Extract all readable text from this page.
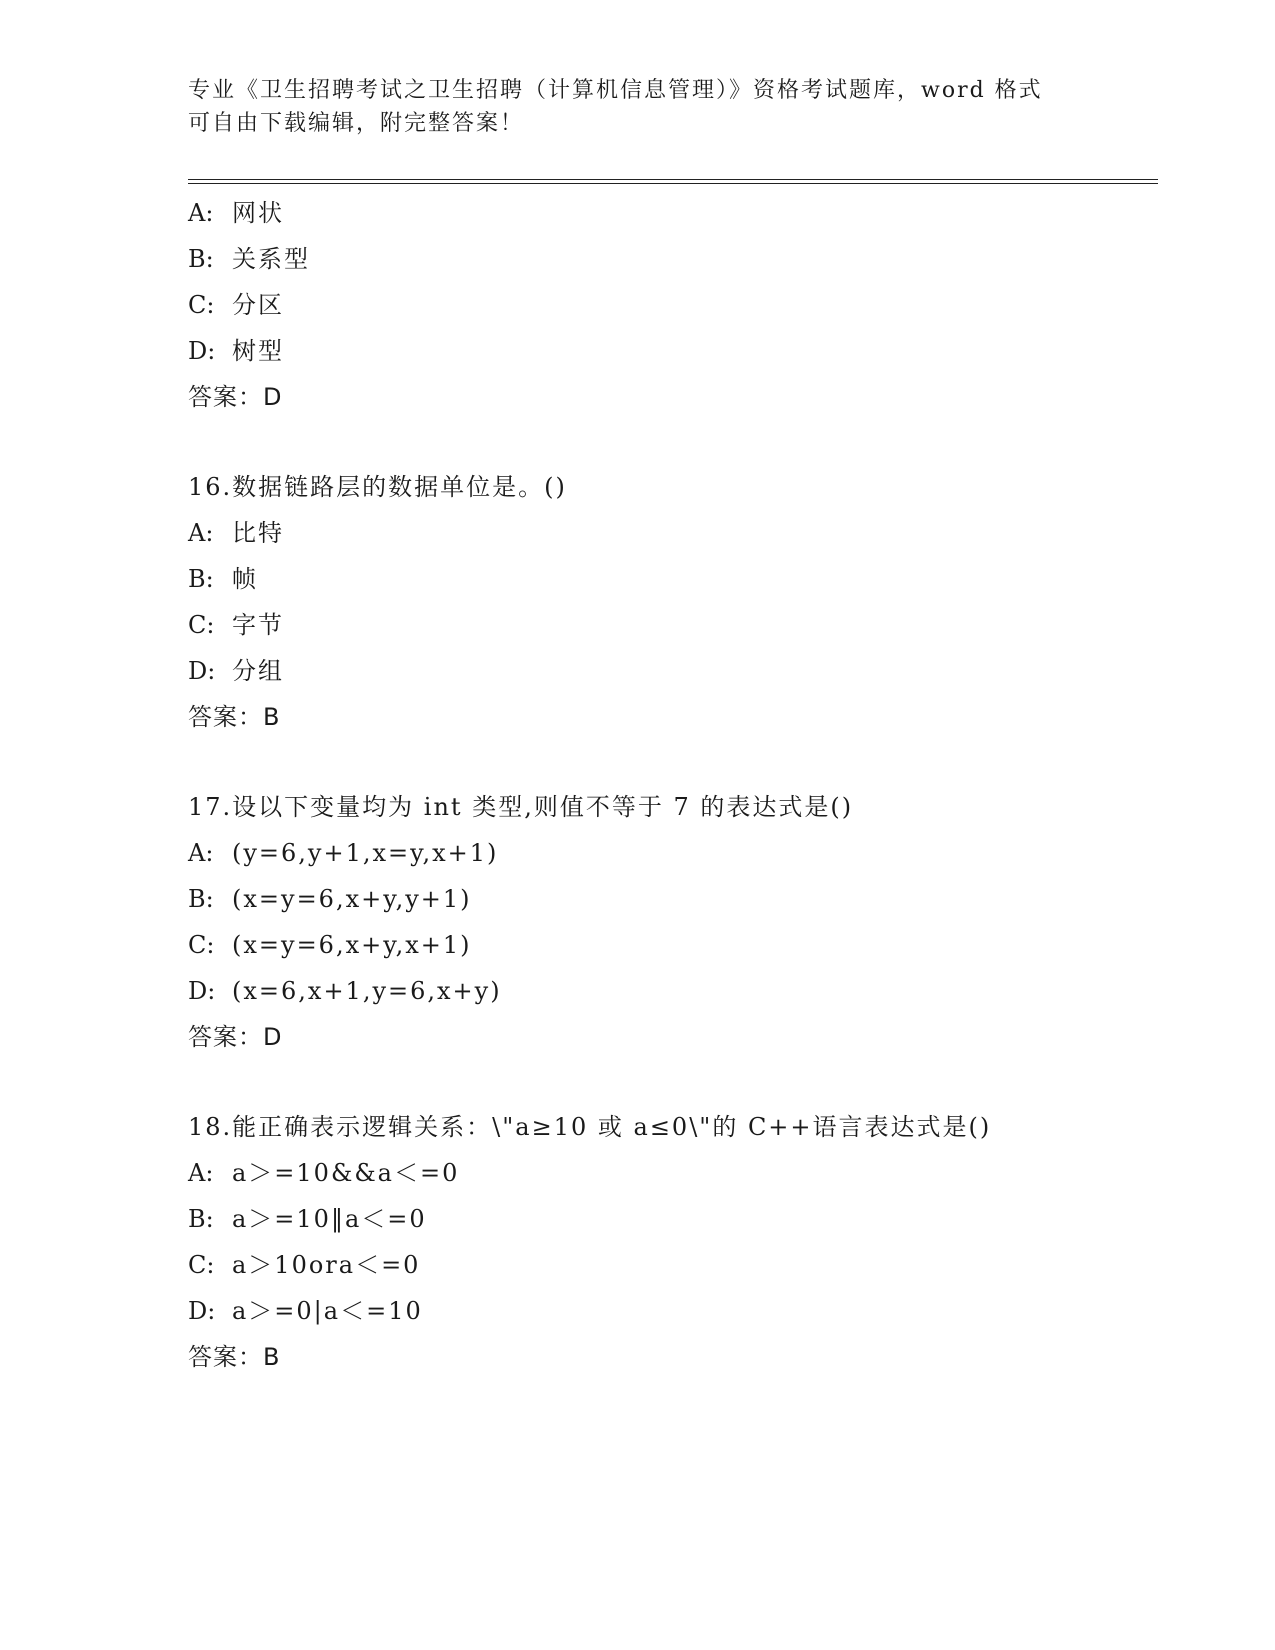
专业《卫生招聘考试之卫生招聘（计算机信息管理）》资格考试题库，word 格式
可自由下载编辑，附完整答案！
A: 网状
B: 关系型
C: 分区
D: 树型
答案：D
16.数据链路层的数据单位是。()
A: 比特
B: 帧
C: 字节
D: 分组
答案：B
17.设以下变量均为 int 类型,则值不等于 7 的表达式是()
A: (y=6,y+1,x=y,x+1)
B: (x=y=6,x+y,y+1)
C: (x=y=6,x+y,x+1)
D: (x=6,x+1,y=6,x+y)
答案：D
18.能正确表示逻辑关系：\"a≥10 或 a≤0\"的 C++语言表达式是()
A: a＞=10&&a＜=0
B: a＞=10‖a＜=0
C: a＞10ora＜=0
D: a＞=0|a＜=10
答案：B
